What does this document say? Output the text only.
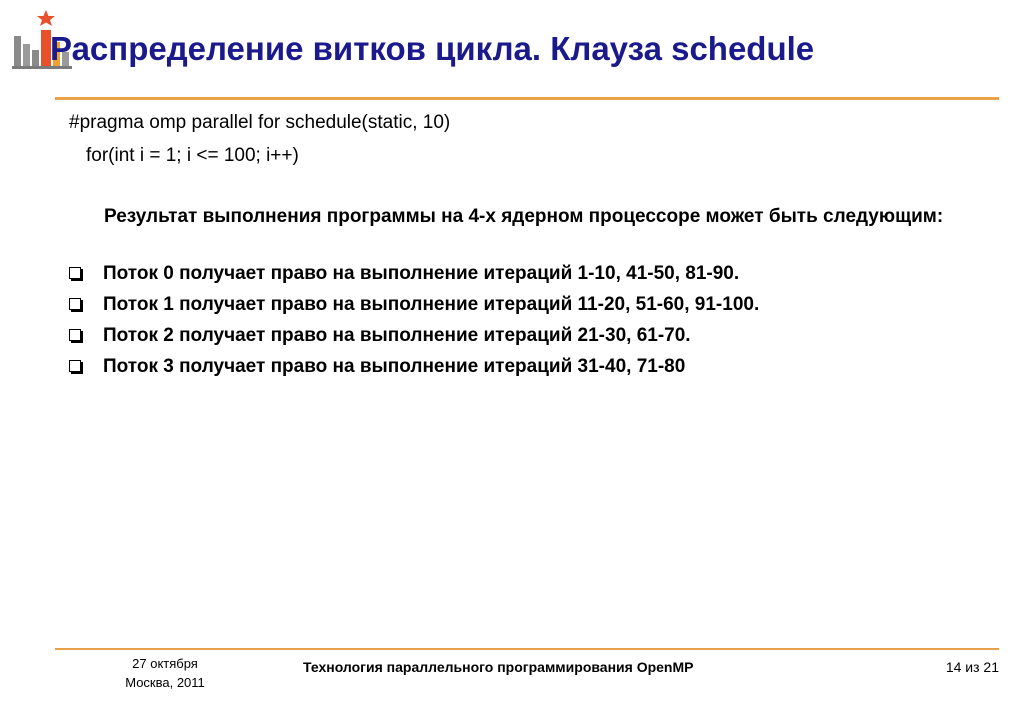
Распределение витков цикла. Клауза schedule
#pragma omp parallel for schedule(static, 10)
for(int i = 1; i <= 100; i++)
Результат выполнения программы на 4-х ядерном процессоре может быть следующим:
Поток 0 получает право на выполнение итераций 1-10, 41-50, 81-90.
Поток 1 получает право на выполнение итераций 11-20, 51-60, 91-100.
Поток 2 получает право на выполнение итераций 21-30, 61-70.
Поток 3 получает право на выполнение итераций 31-40, 71-80
27 октября
Москва, 2011
Технология параллельного программирования OpenMP	14 из 21
